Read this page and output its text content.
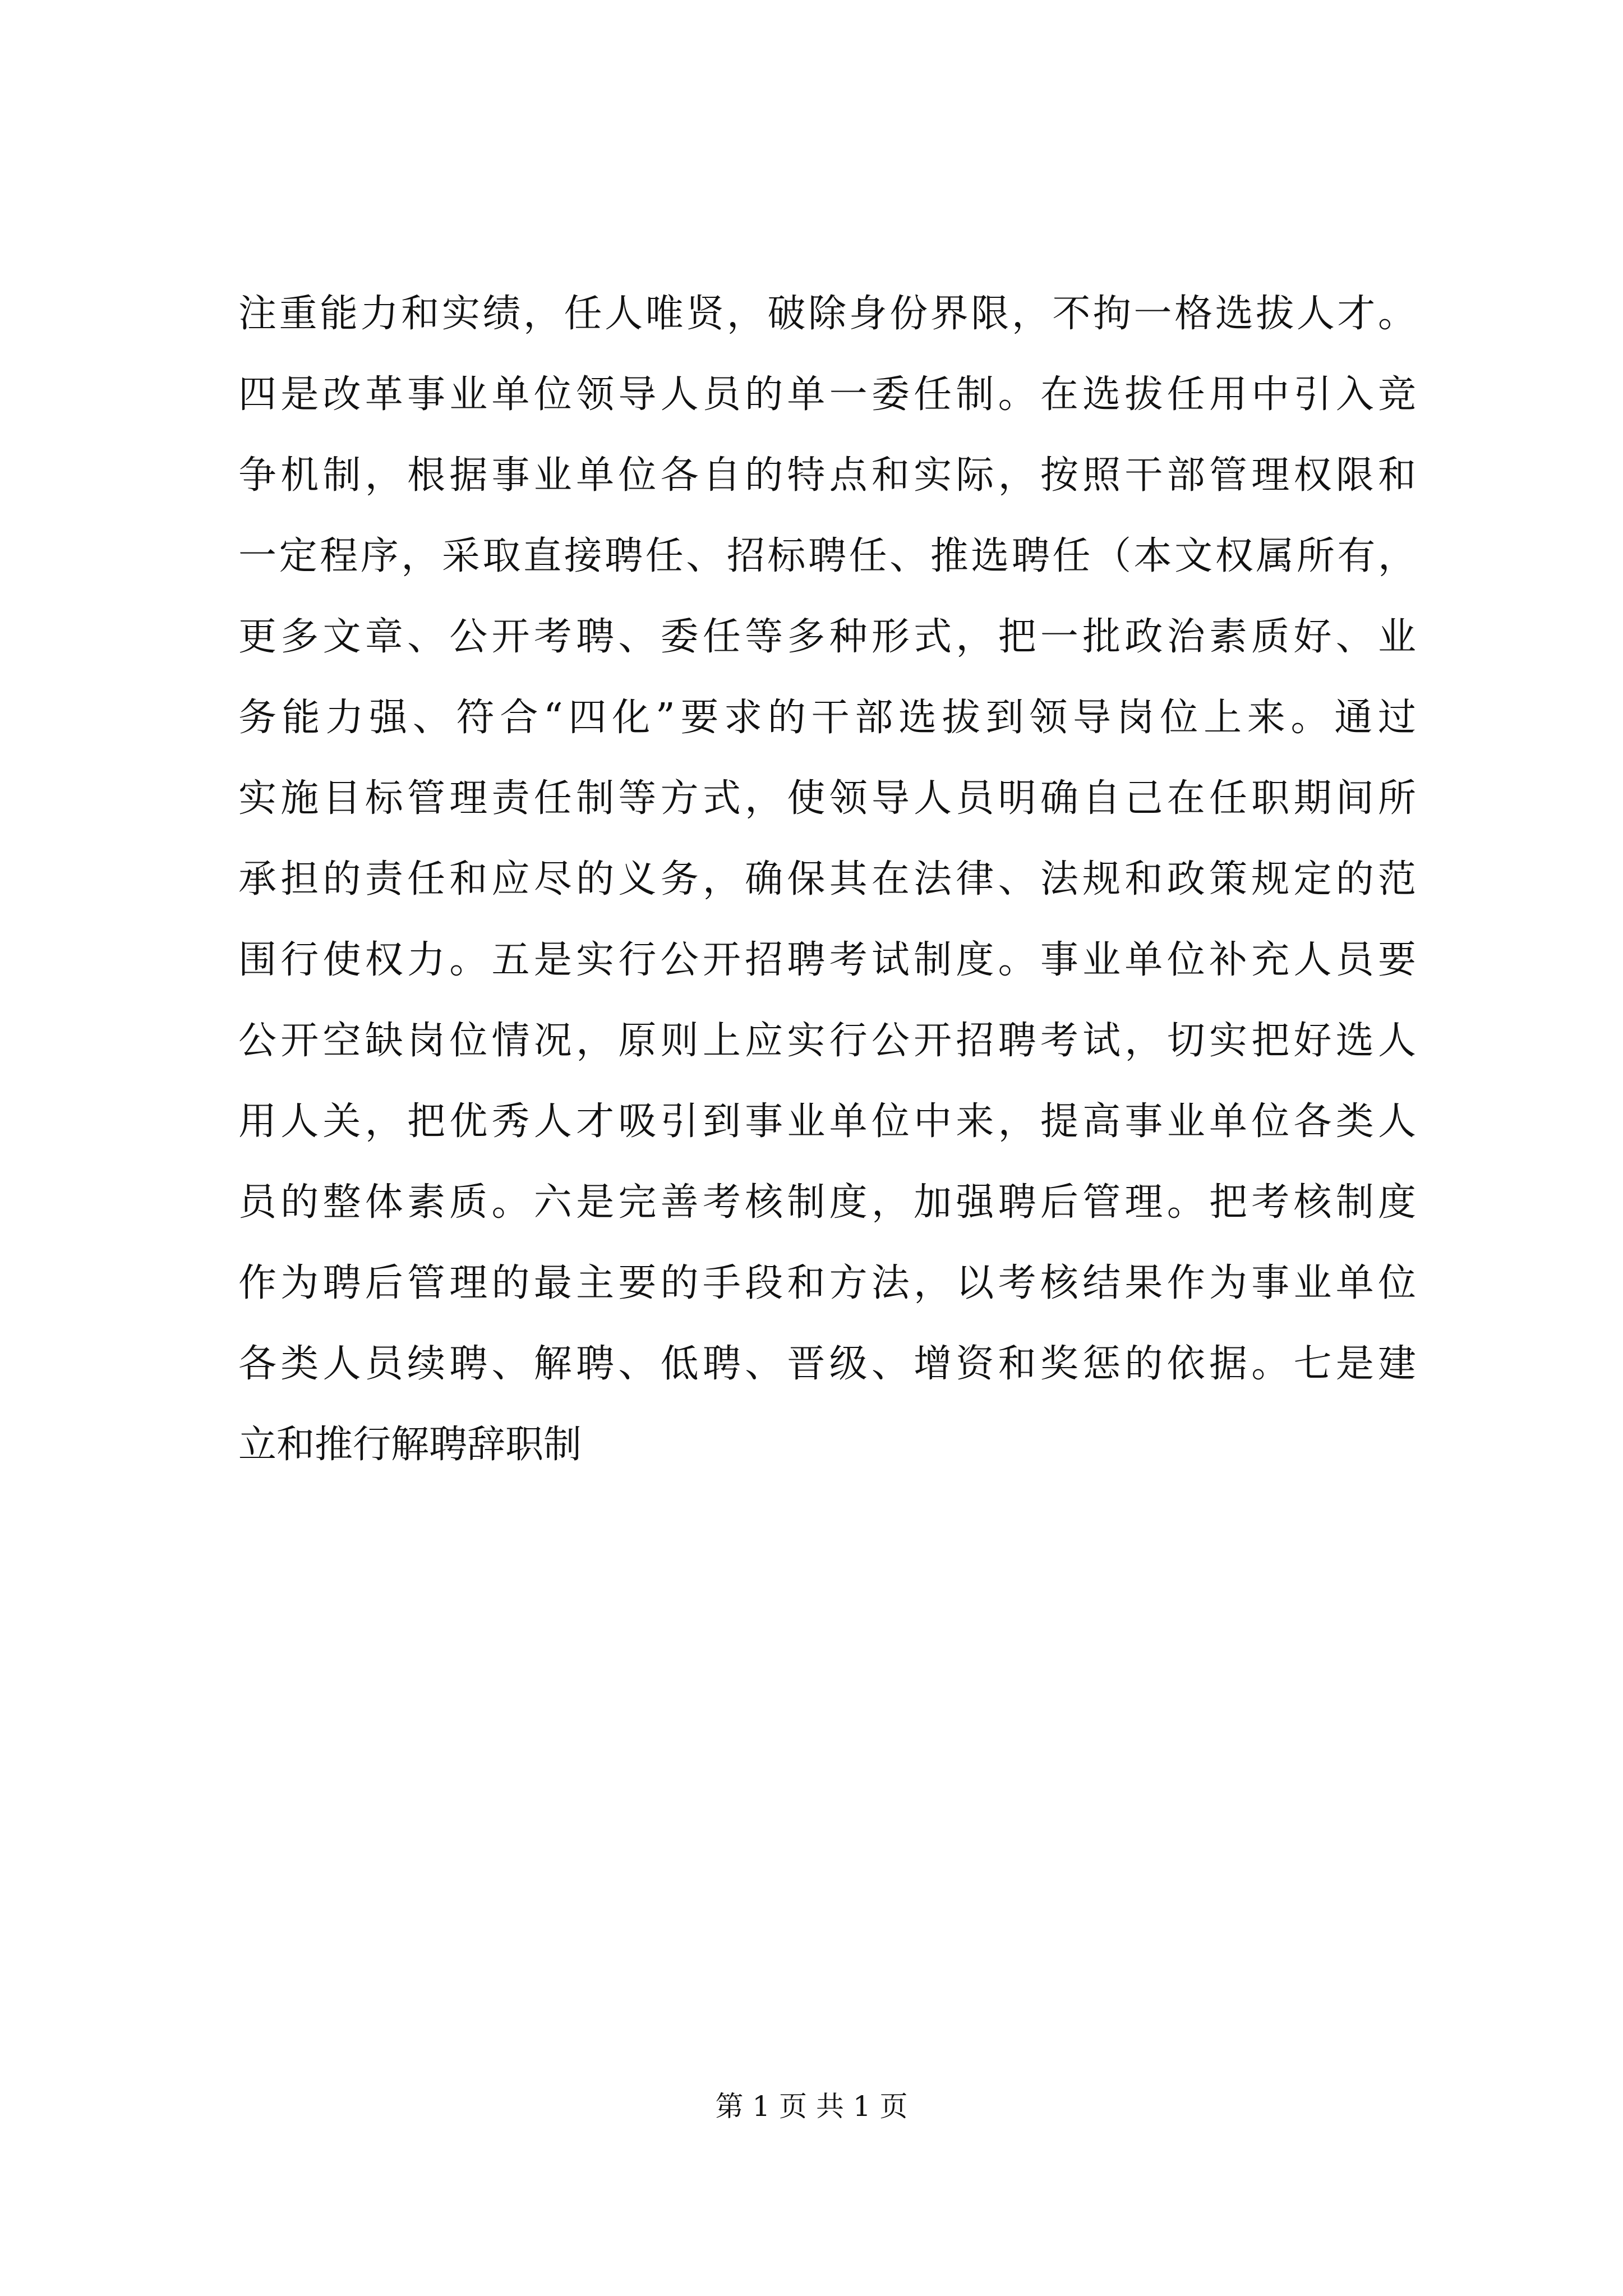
注重能力和实绩，任人唯贤，破除身份界限，不拘一格选拔人才。
四是改革事业单位领导人员的单一委任制。在选拔任用中引入竞
争机制，根据事业单位各自的特点和实际，按照干部管理权限和
一定程序，采取直接聘任、招标聘任、推选聘任（本文权属所有，
更多文章、公开考聘、委任等多种形式，把一批政治素质好、业
务能力强、符合“四化”要求的干部选拔到领导岗位上来。通过
实施目标管理责任制等方式，使领导人员明确自己在任职期间所
承担的责任和应尽的义务，确保其在法律、法规和政策规定的范
围行使权力。五是实行公开招聘考试制度。事业单位补充人员要
公开空缺岗位情况，原则上应实行公开招聘考试，切实把好选人
用人关，把优秀人才吸引到事业单位中来，提高事业单位各类人
员的整体素质。六是完善考核制度，加强聘后管理。把考核制度
作为聘后管理的最主要的手段和方法，以考核结果作为事业单位
各类人员续聘、解聘、低聘、晋级、增资和奖惩的依据。七是建
立和推行解聘辞职制
第 1 页 共 1 页
